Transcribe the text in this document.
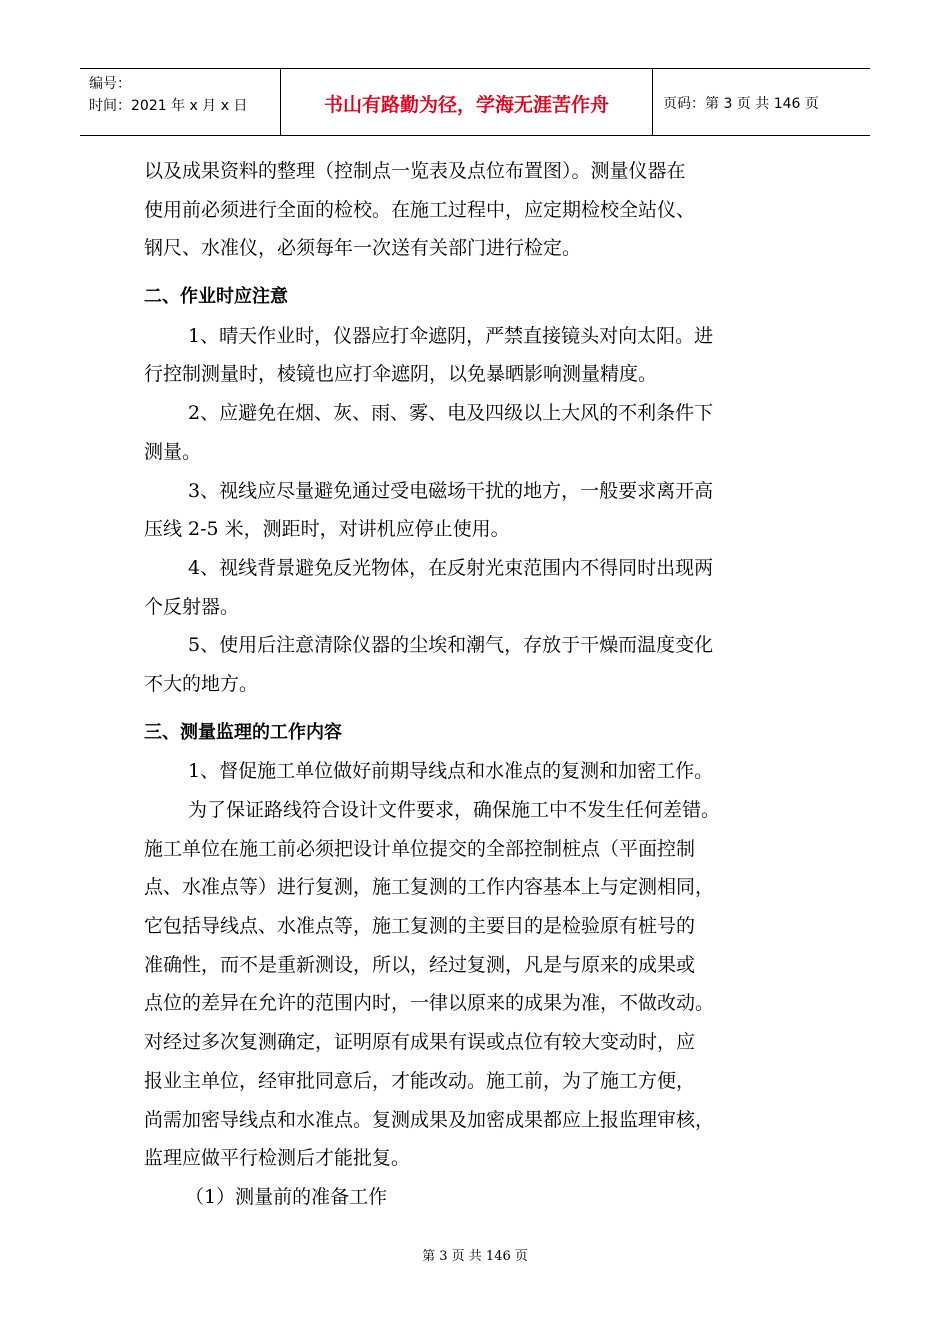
编号：
时间：2021 年 x 月 x 日	书山有路勤为径，学海无涯苦作舟	页码：第 3 页 共 146 页
以及成果资料的整理（控制点一览表及点位布置图）。测量仪器在
使用前必须进行全面的检校。在施工过程中，应定期检校全站仪、
钢尺、水准仪，必须每年一次送有关部门进行检定。
二、作业时应注意
1、晴天作业时，仪器应打伞遮阴，严禁直接镜头对向太阳。进
行控制测量时，棱镜也应打伞遮阴，以免暴晒影响测量精度。
2、应避免在烟、灰、雨、雾、电及四级以上大风的不利条件下
测量。
3、视线应尽量避免通过受电磁场干扰的地方，一般要求离开高
压线 2-5 米，测距时，对讲机应停止使用。
4、视线背景避免反光物体，在反射光束范围内不得同时出现两
个反射器。
5、使用后注意清除仪器的尘埃和潮气，存放于干燥而温度变化
不大的地方。
三、测量监理的工作内容
1、督促施工单位做好前期导线点和水准点的复测和加密工作。
为了保证路线符合设计文件要求，确保施工中不发生任何差错。
施工单位在施工前必须把设计单位提交的全部控制桩点（平面控制
点、水准点等）进行复测，施工复测的工作内容基本上与定测相同，
它包括导线点、水准点等，施工复测的主要目的是检验原有桩号的
准确性，而不是重新测设，所以，经过复测，凡是与原来的成果或
点位的差异在允许的范围内时，一律以原来的成果为准，不做改动。
对经过多次复测确定，证明原有成果有误或点位有较大变动时，应
报业主单位，经审批同意后，才能改动。施工前，为了施工方便，
尚需加密导线点和水准点。复测成果及加密成果都应上报监理审核，
监理应做平行检测后才能批复。
（1）测量前的准备工作
第 3 页 共 146 页
